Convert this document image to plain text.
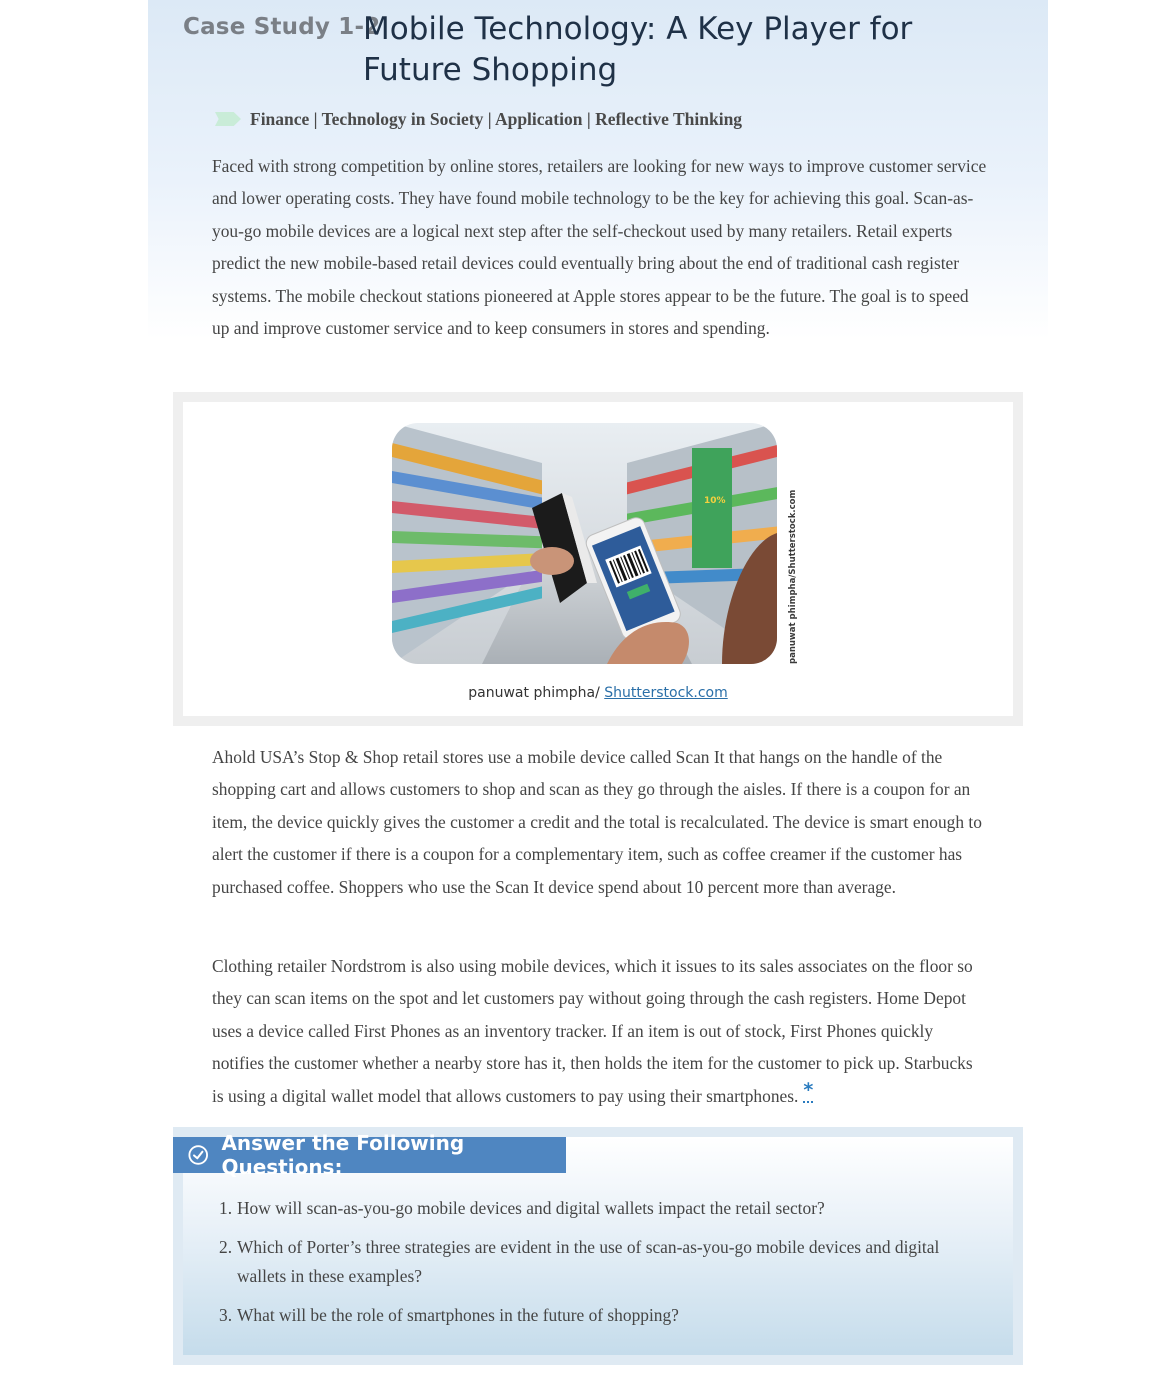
Case Study 1-2
Mobile Technology: A Key Player for Future Shopping
Finance | Technology in Society | Application | Reflective Thinking

Faced with strong competition by online stores, retailers are looking for new ways to improve customer service and lower operating costs. They have found mobile technology to be the key for achieving this goal. Scan-as-you-go mobile devices are a logical next step after the self-checkout used by many retailers. Retail experts predict the new mobile-based retail devices could eventually bring about the end of traditional cash register systems. The mobile checkout stations pioneered at Apple stores appear to be the future. The goal is to speed up and improve customer service and to keep consumers in stores and spending.

10%	panuwat phimpha/Shutterstock.com
panuwat phimpha/ Shutterstock.com

Ahold USA’s Stop & Shop retail stores use a mobile device called Scan It that hangs on the handle of the shopping cart and allows customers to shop and scan as they go through the aisles. If there is a coupon for an item, the device quickly gives the customer a credit and the total is recalculated. The device is smart enough to alert the customer if there is a coupon for a complementary item, such as coffee creamer if the customer has purchased coffee. Shoppers who use the Scan It device spend about 10 percent more than average.

Clothing retailer Nordstrom is also using mobile devices, which it issues to its sales associates on the floor so they can scan items on the spot and let customers pay without going through the cash registers. Home Depot uses a device called First Phones as an inventory tracker. If an item is out of stock, First Phones quickly notifies the customer whether a nearby store has it, then holds the item for the customer to pick up. Starbucks is using a digital wallet model that allows customers to pay using their smartphones. *

Answer the Following Questions:
1. How will scan-as-you-go mobile devices and digital wallets impact the retail sector?
2. Which of Porter’s three strategies are evident in the use of scan-as-you-go mobile devices and digital wallets in these examples?
3. What will be the role of smartphones in the future of shopping?
